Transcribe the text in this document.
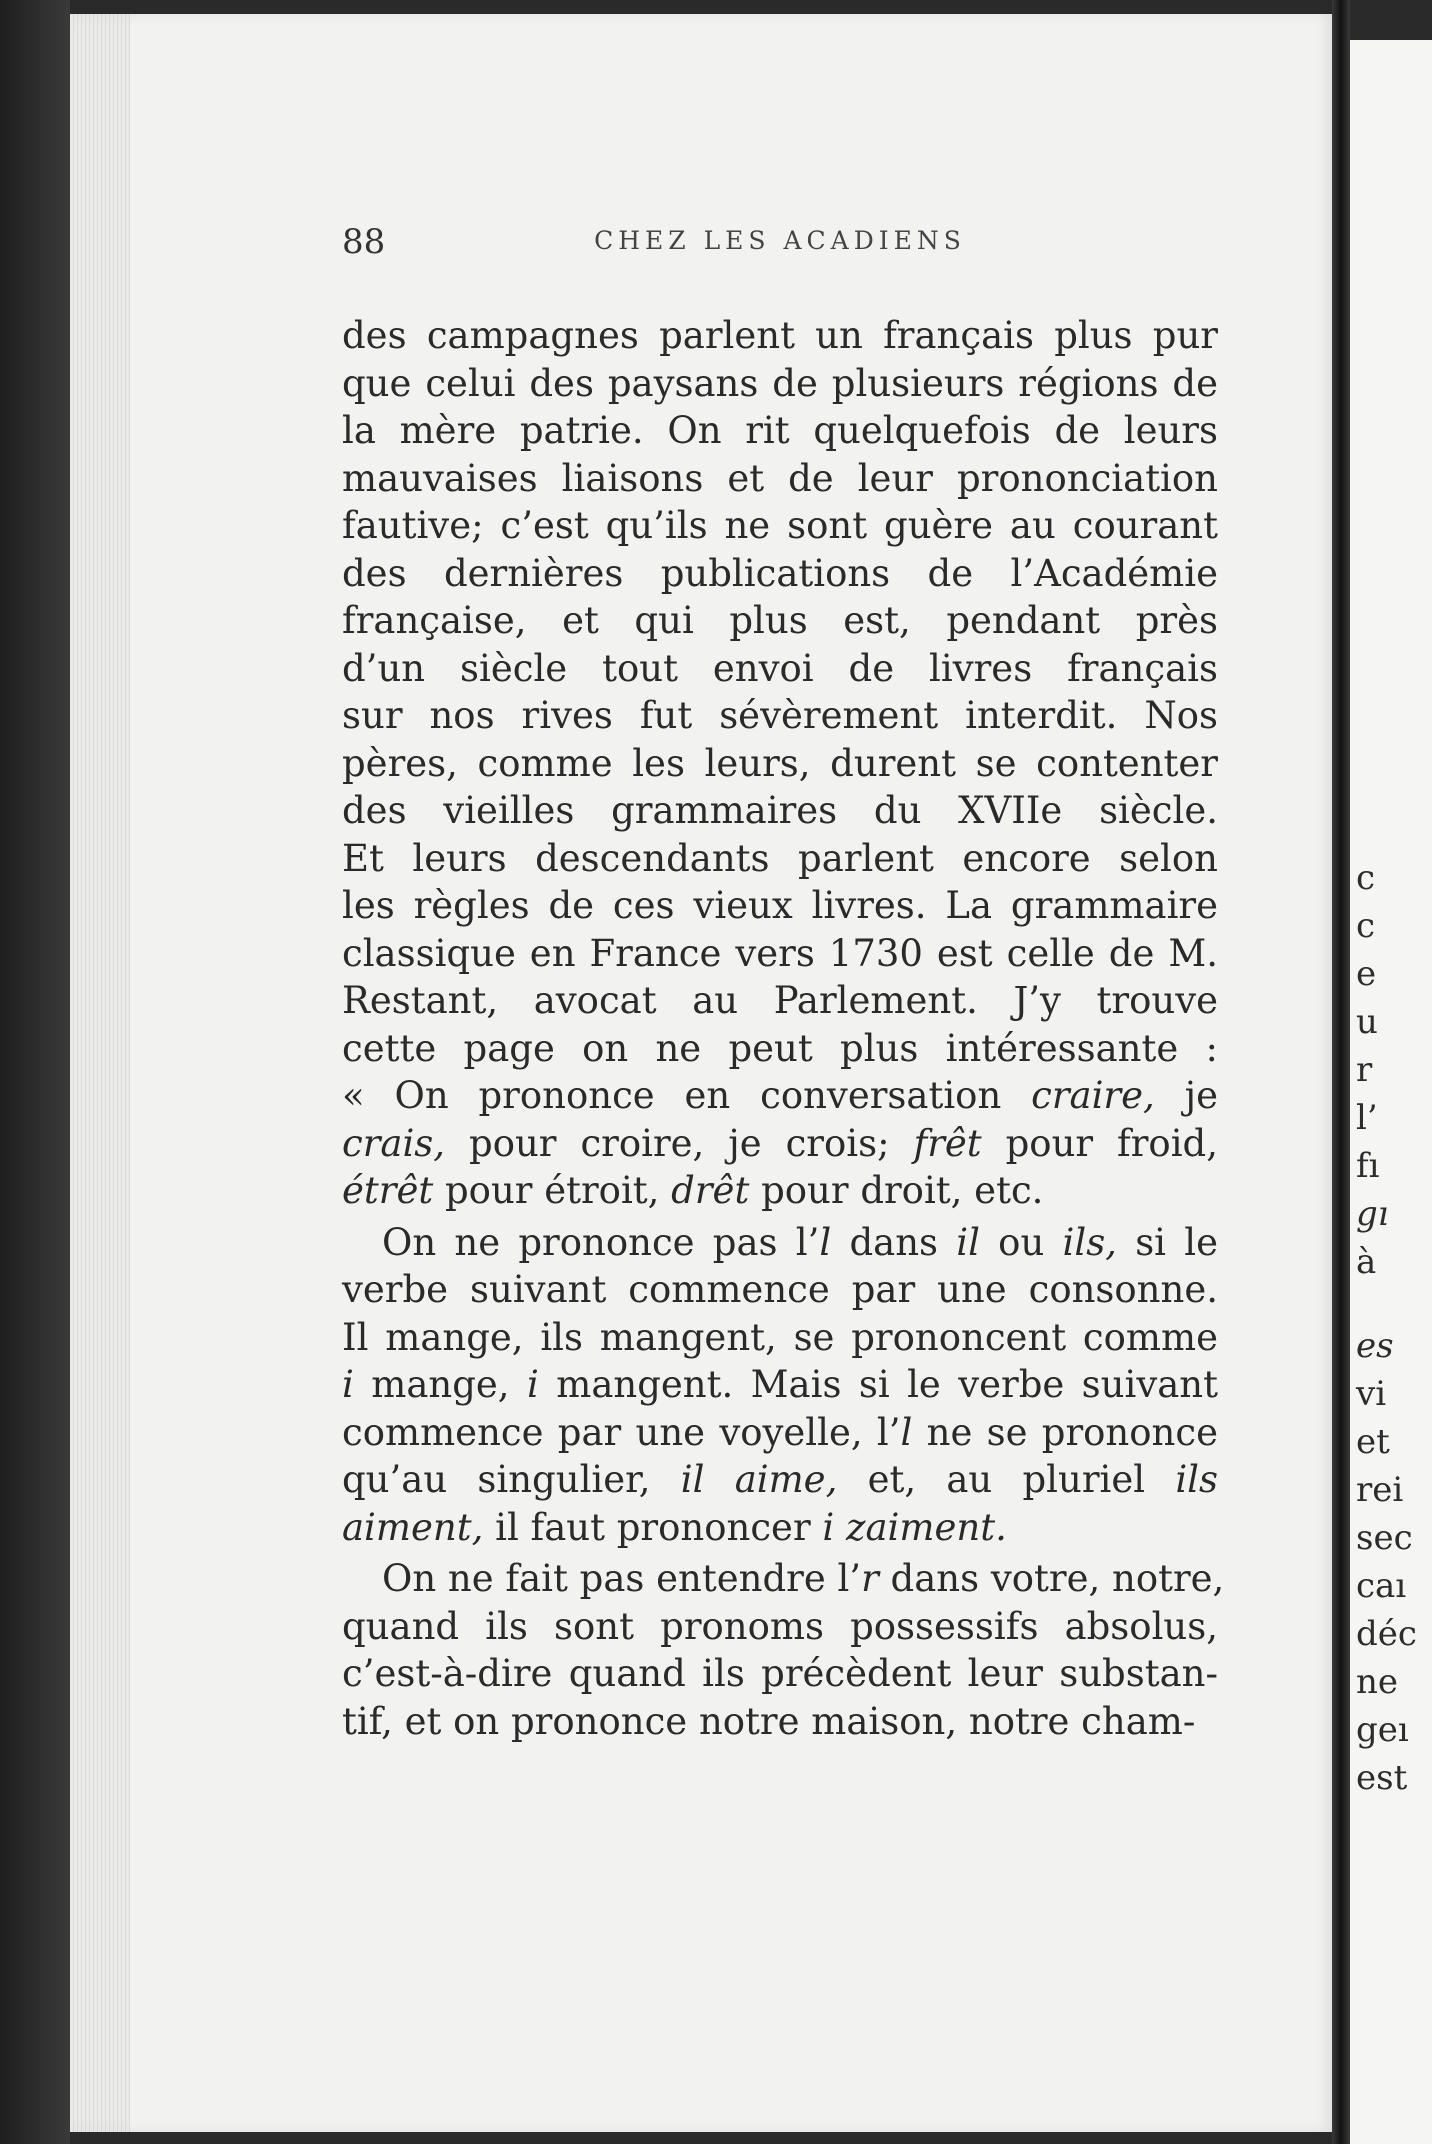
c
c
e
u
r
l’
fı
gı
à
es
vi
et
rei
sec
caı
déc
ne
geı
est
88	CHEZ LES ACADIENS
des campagnes parlent un français plus pur
que celui des paysans de plusieurs régions de
la mère patrie. On rit quelquefois de leurs
mauvaises liaisons et de leur prononciation
fautive; c’est qu’ils ne sont guère au courant
des dernières publications de l’Académie
française, et qui plus est, pendant près
d’un siècle tout envoi de livres français
sur nos rives fut sévèrement interdit. Nos
pères, comme les leurs, durent se contenter
des vieilles grammaires du XVIIe siècle.
Et leurs descendants parlent encore selon
les règles de ces vieux livres. La grammaire
classique en France vers 1730 est celle de M.
Restant, avocat au Parlement. J’y trouve
cette page on ne peut plus intéressante :
« On prononce en conversation craire, je
crais, pour croire, je crois; frêt pour froid,
étrêt pour étroit, drêt pour droit, etc.
On ne prononce pas l’l dans il ou ils, si le
verbe suivant commence par une consonne.
Il mange, ils mangent, se prononcent comme
i mange, i mangent. Mais si le verbe suivant
commence par une voyelle, l’l ne se prononce
qu’au singulier, il aime, et, au pluriel ils
aiment, il faut prononcer i zaiment.
On ne fait pas entendre l’r dans votre, notre,
quand ils sont pronoms possessifs absolus,
c’est-à-dire quand ils précèdent leur substan-
tif, et on prononce notre maison, notre cham-
